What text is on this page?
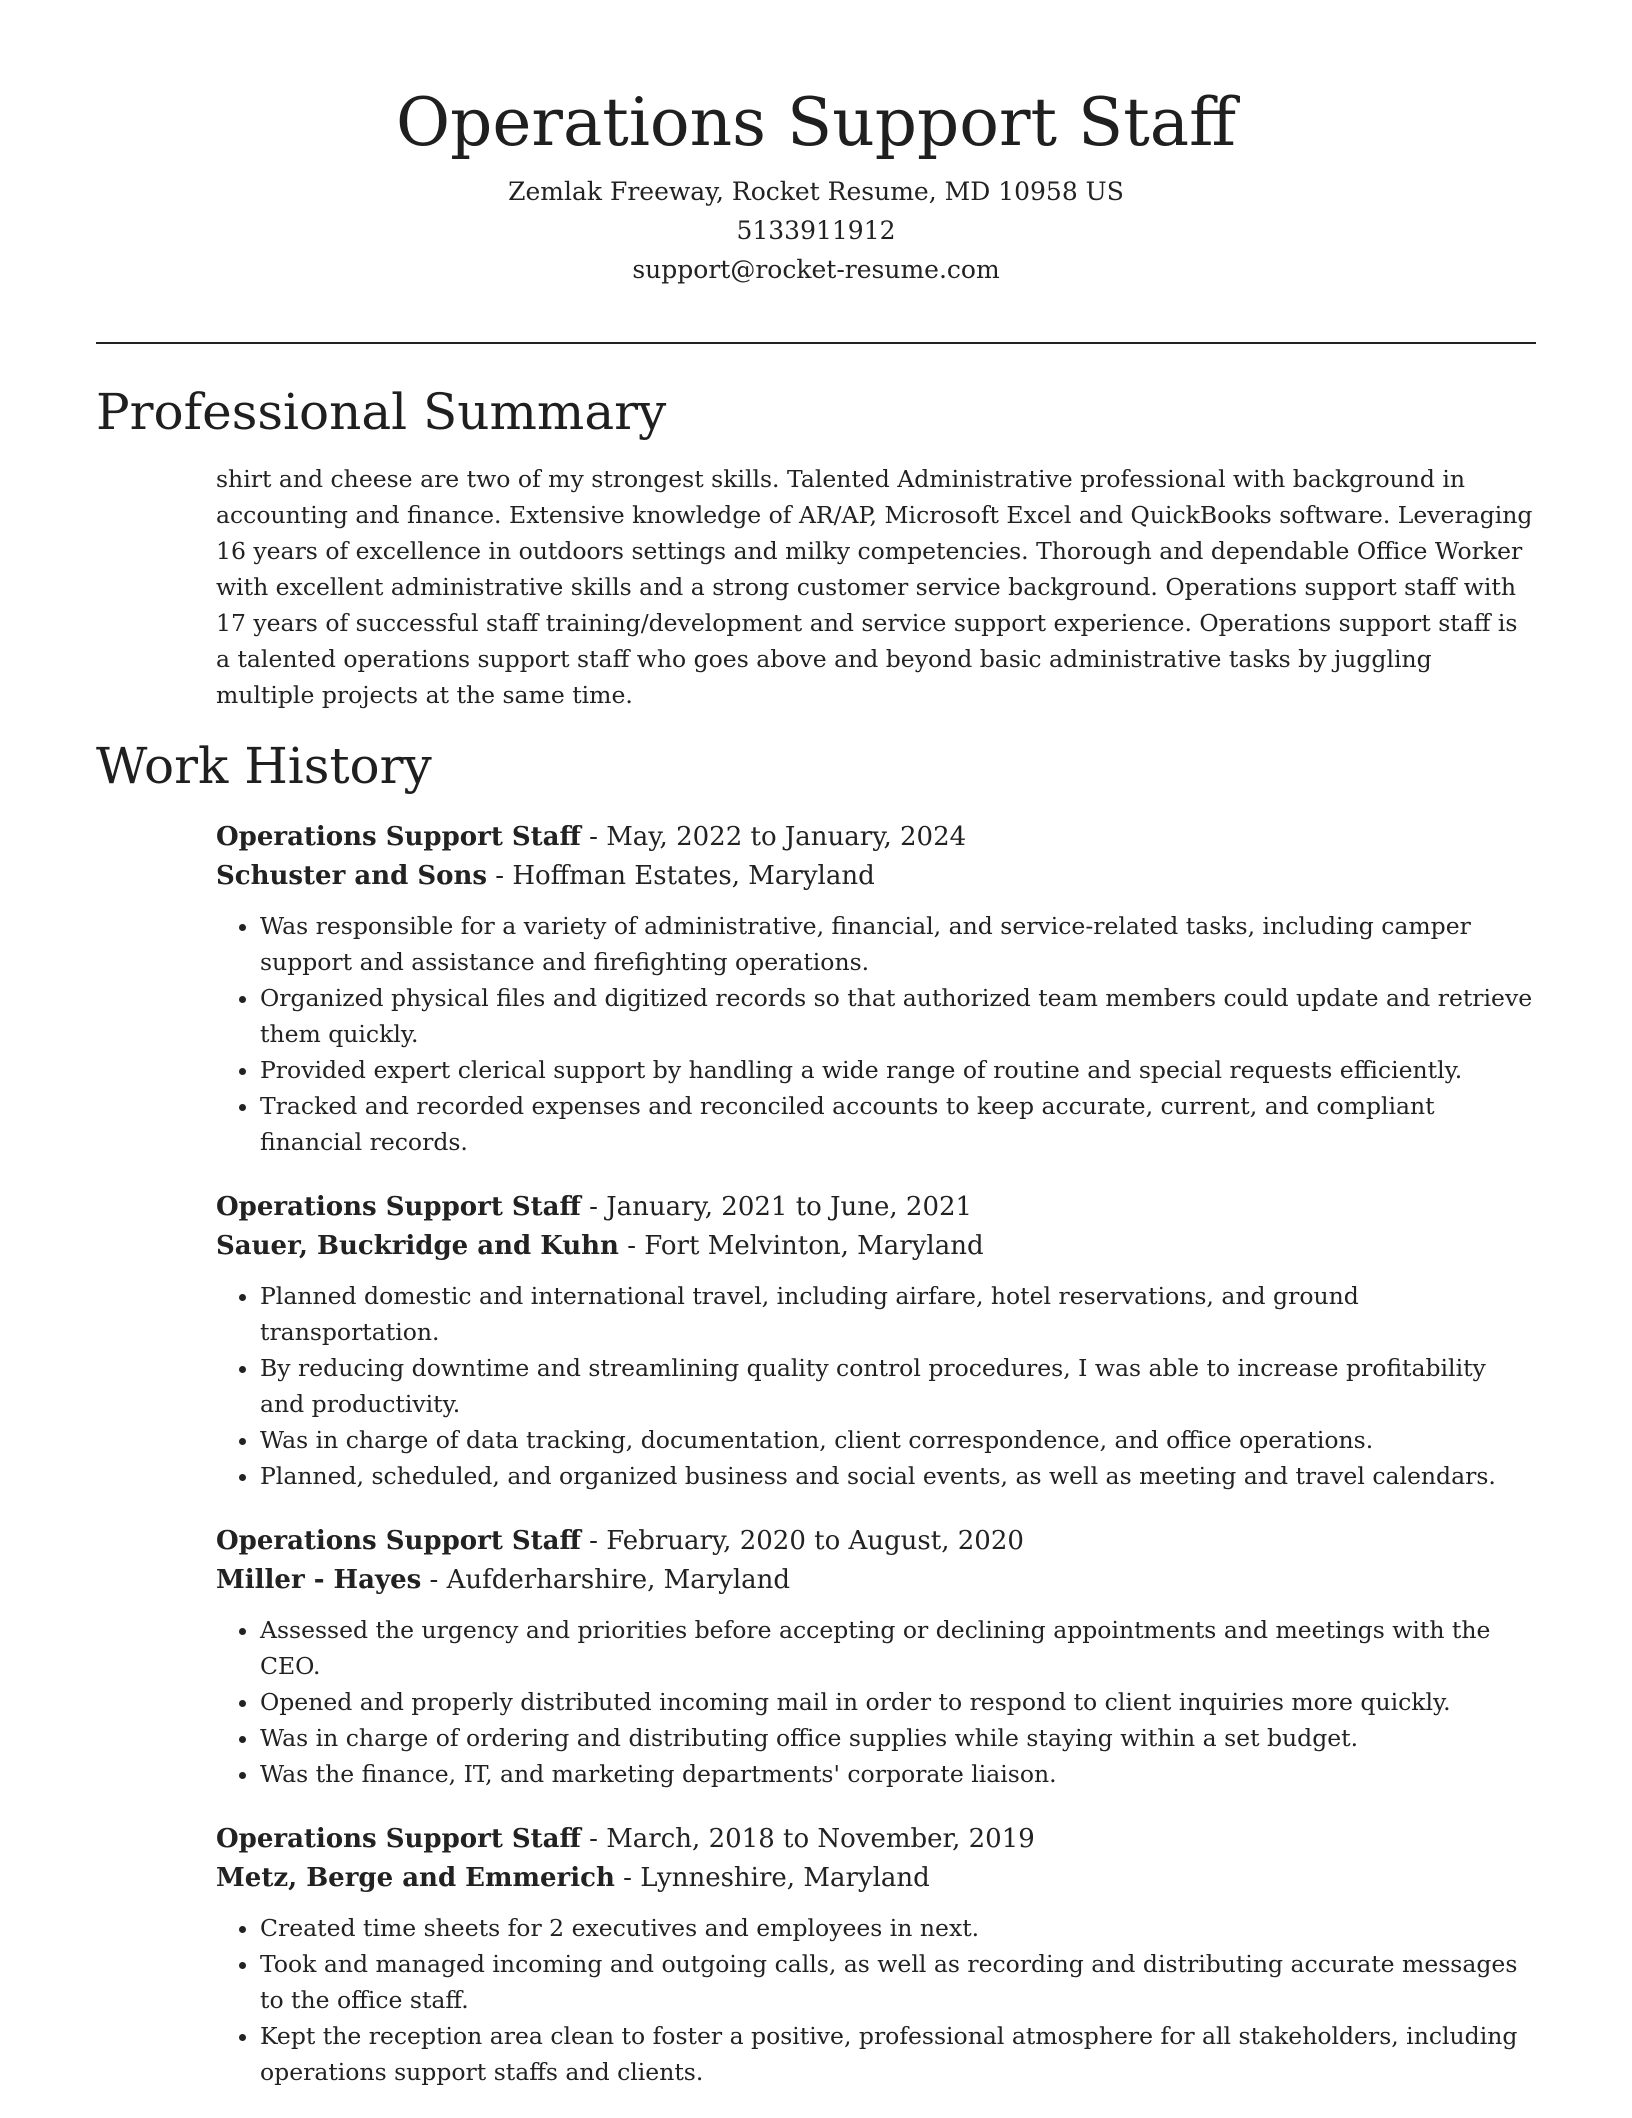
Operations Support Staff

Zemlak Freeway, Rocket Resume, MD 10958 US

5133911912

support@rocket-resume.com

Professional Summary

shirt and cheese are two of my strongest skills. Talented Administrative professional with background in accounting and finance. Extensive knowledge of AR/AP, Microsoft Excel and QuickBooks software. Leveraging 16 years of excellence in outdoors settings and milky competencies. Thorough and dependable Office Worker with excellent administrative skills and a strong customer service background. Operations support staff with 17 years of successful staff training/development and service support experience. Operations support staff is a talented operations support staff who goes above and beyond basic administrative tasks by juggling multiple projects at the same time.

Work History

Operations Support Staff - May, 2022 to January, 2024

Schuster and Sons - Hoffman Estates, Maryland

• Was responsible for a variety of administrative, financial, and service-related tasks, including camper support and assistance and firefighting operations.
• Organized physical files and digitized records so that authorized team members could update and retrieve them quickly.
• Provided expert clerical support by handling a wide range of routine and special requests efficiently.
• Tracked and recorded expenses and reconciled accounts to keep accurate, current, and compliant financial records.

Operations Support Staff - January, 2021 to June, 2021

Sauer, Buckridge and Kuhn - Fort Melvinton, Maryland

• Planned domestic and international travel, including airfare, hotel reservations, and ground transportation.
• By reducing downtime and streamlining quality control procedures, I was able to increase profitability and productivity.
• Was in charge of data tracking, documentation, client correspondence, and office operations.
• Planned, scheduled, and organized business and social events, as well as meeting and travel calendars.

Operations Support Staff - February, 2020 to August, 2020

Miller - Hayes - Aufderharshire, Maryland

• Assessed the urgency and priorities before accepting or declining appointments and meetings with the CEO.
• Opened and properly distributed incoming mail in order to respond to client inquiries more quickly.
• Was in charge of ordering and distributing office supplies while staying within a set budget.
• Was the finance, IT, and marketing departments' corporate liaison.

Operations Support Staff - March, 2018 to November, 2019

Metz, Berge and Emmerich - Lynneshire, Maryland

• Created time sheets for 2 executives and employees in next.
• Took and managed incoming and outgoing calls, as well as recording and distributing accurate messages to the office staff.
• Kept the reception area clean to foster a positive, professional atmosphere for all stakeholders, including operations support staffs and clients.
